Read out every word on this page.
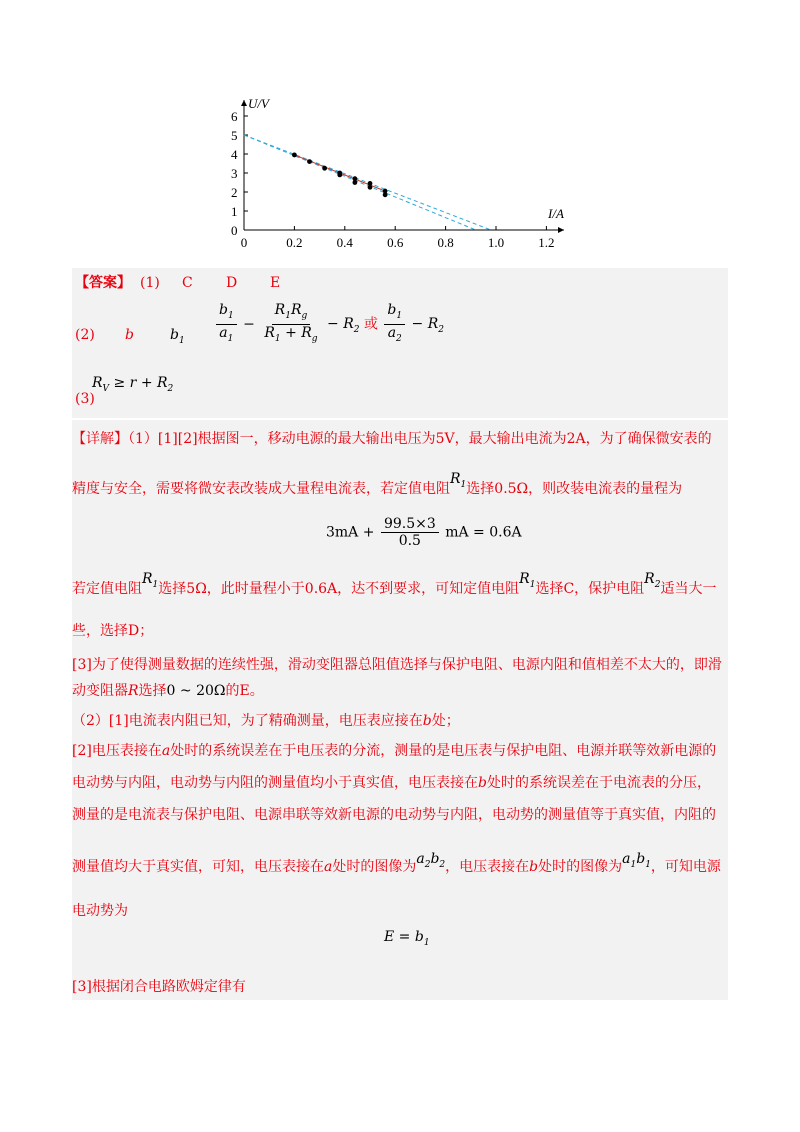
0
1
2
3
4
5
6
0	0.2	0.4	0.6	0.8	1.0	1.2
U/V
I/A
【答案】 (1) C D E
(2) b	$b_1 \frac{b_1}{a_1} - \frac{R_1R_g}{R_1 + R_g} - R_2$ 或 $\frac{b_1}{a_2} - R_2$
$R_V \ge r + R_2$
(3)
【详解】（1）[1][2]根据图一，移动电源的最大输出电压为5V，最大输出电流为2A，为了确保微安表的
精度与安全，需要将微安表改装成大量程电流表，若定值电阻$R_1$选择0.5Ω，则改装电流表的量程为
$3mA + \frac{99.5\times 3}{0.5}$ mA = 0.6A
若定值电阻$R_1$选择5Ω，此时量程小于0.6A，达不到要求，可知定值电阻$R_1$选择C，保护电阻$R_2$适当大一
些，选择D；
[3]为了使得测量数据的连续性强，滑动变阻器总阻值选择与保护电阻、电源内阻和值相差不太大的，即滑
动变阻器R选择0 ~ 20Ω的E。
（2）[1]电流表内阻已知，为了精确测量，电压表应接在b处；
[2]电压表接在a处时的系统误差在于电压表的分流，测量的是电压表与保护电阻、电源并联等效新电源的
电动势与内阻，电动势与内阻的测量值均小于真实值，电压表接在b处时的系统误差在于电流表的分压，
测量的是电流表与保护电阻、电源串联等效新电源的电动势与内阻，电动势的测量值等于真实值，内阻的
测量值均大于真实值，可知，电压表接在a处时的图像为$a_2b_2$，电压表接在b处时的图像为$a_1b_1$，可知电源
电动势为
$E = b_1$
[3]根据闭合电路欧姆定律有
